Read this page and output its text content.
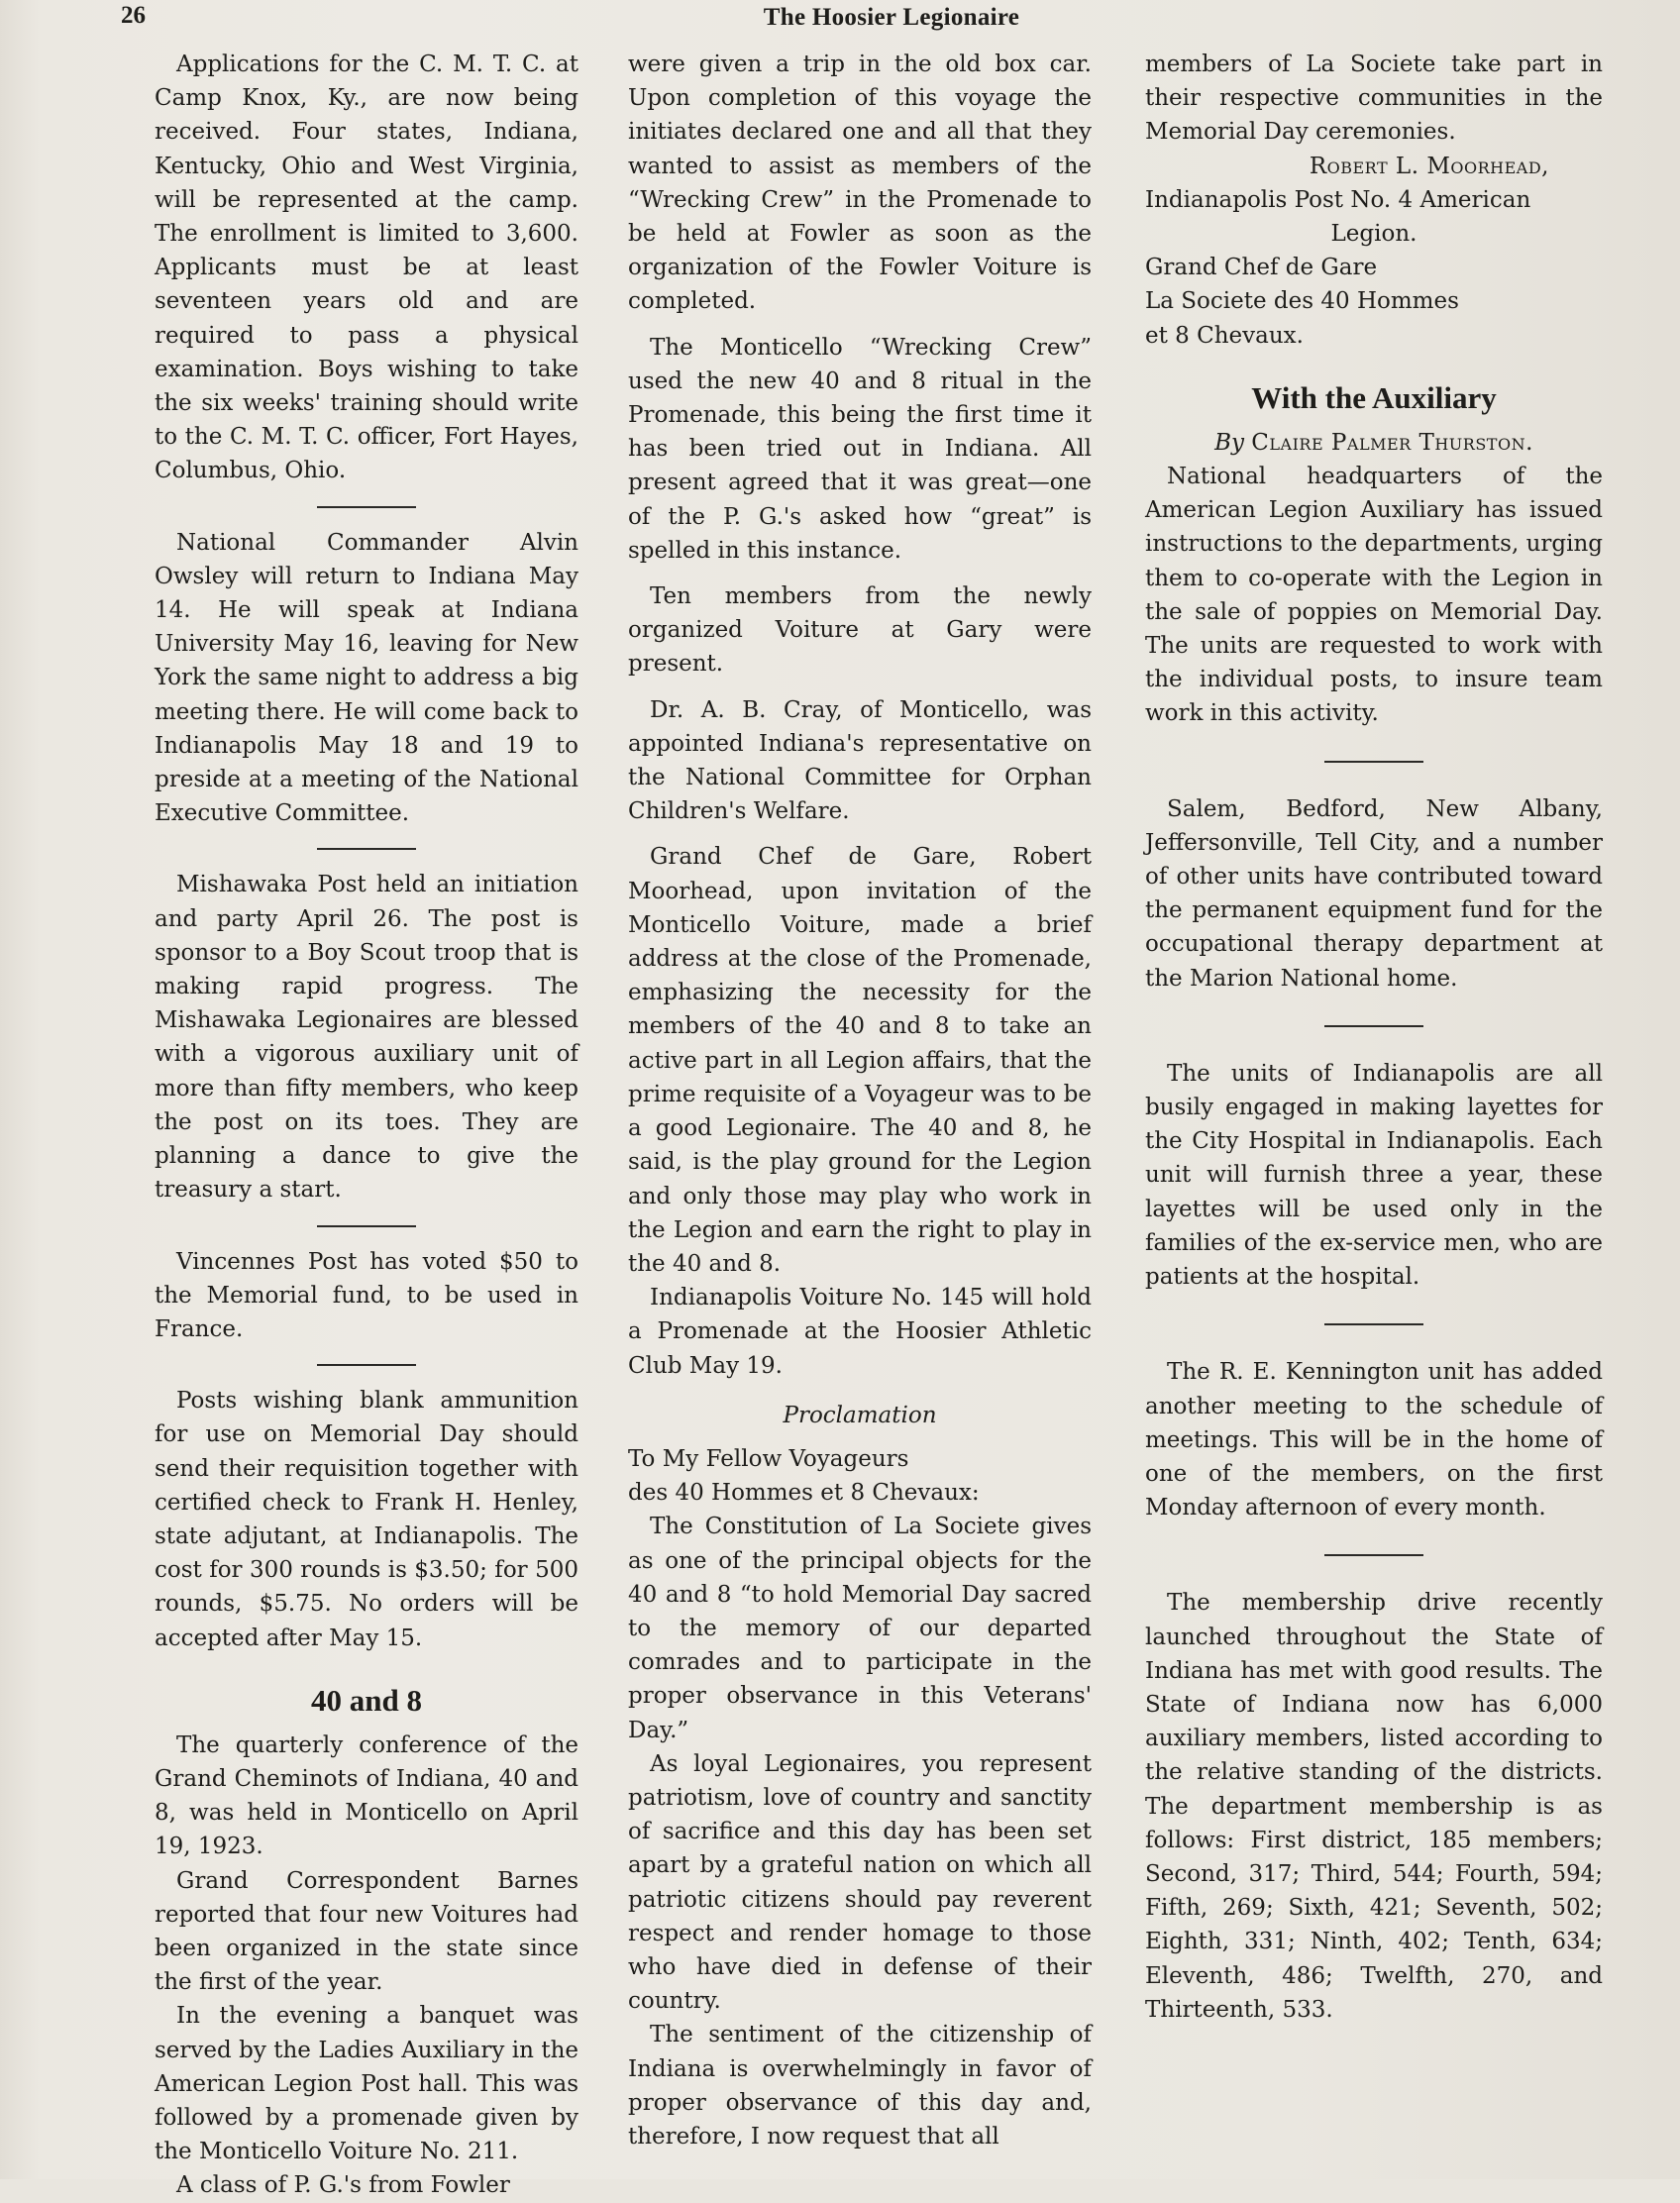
26	The Hoosier Legionaire

Applications for the C. M. T. C. at Camp Knox, Ky., are now being received. Four states, Indiana, Kentucky, Ohio and West Virginia, will be represented at the camp. The enrollment is limited to 3,600. Applicants must be at least seventeen years old and are required to pass a physical examination. Boys wishing to take the six weeks' training should write to the C. M. T. C. officer, Fort Hayes, Columbus, Ohio.

National Commander Alvin Owsley will return to Indiana May 14. He will speak at Indiana University May 16, leaving for New York the same night to address a big meeting there. He will come back to Indianapolis May 18 and 19 to preside at a meeting of the National Executive Committee.

Mishawaka Post held an initiation and party April 26. The post is sponsor to a Boy Scout troop that is making rapid progress. The Mishawaka Legionaires are blessed with a vigorous auxiliary unit of more than fifty members, who keep the post on its toes. They are planning a dance to give the treasury a start.

Vincennes Post has voted $50 to the Memorial fund, to be used in France.

Posts wishing blank ammunition for use on Memorial Day should send their requisition together with certified check to Frank H. Henley, state adjutant, at Indianapolis. The cost for 300 rounds is $3.50; for 500 rounds, $5.75. No orders will be accepted after May 15.

40 and 8

The quarterly conference of the Grand Cheminots of Indiana, 40 and 8, was held in Monticello on April 19, 1923.

Grand Correspondent Barnes reported that four new Voitures had been organized in the state since the first of the year.

In the evening a banquet was served by the Ladies Auxiliary in the American Legion Post hall. This was followed by a promenade given by the Monticello Voiture No. 211.

A class of P. G.'s from Fowler

were given a trip in the old box car. Upon completion of this voyage the initiates declared one and all that they wanted to assist as members of the “Wrecking Crew” in the Promenade to be held at Fowler as soon as the organization of the Fowler Voiture is completed.

The Monticello “Wrecking Crew” used the new 40 and 8 ritual in the Promenade, this being the first time it has been tried out in Indiana. All present agreed that it was great—one of the P. G.'s asked how “great” is spelled in this instance.

Ten members from the newly organized Voiture at Gary were present.

Dr. A. B. Cray, of Monticello, was appointed Indiana's representative on the National Committee for Orphan Children's Welfare.

Grand Chef de Gare, Robert Moorhead, upon invitation of the Monticello Voiture, made a brief address at the close of the Promenade, emphasizing the necessity for the members of the 40 and 8 to take an active part in all Legion affairs, that the prime requisite of a Voyageur was to be a good Legionaire. The 40 and 8, he said, is the play ground for the Legion and only those may play who work in the Legion and earn the right to play in the 40 and 8.

Indianapolis Voiture No. 145 will hold a Promenade at the Hoosier Athletic Club May 19.

Proclamation

To My Fellow Voyageurs

des 40 Hommes et 8 Chevaux:

The Constitution of La Societe gives as one of the principal objects for the 40 and 8 “to hold Memorial Day sacred to the memory of our departed comrades and to participate in the proper observance in this Veterans' Day.”

As loyal Legionaires, you represent patriotism, love of country and sanctity of sacrifice and this day has been set apart by a grateful nation on which all patriotic citizens should pay reverent respect and render homage to those who have died in defense of their country.

The sentiment of the citizenship of Indiana is overwhelmingly in favor of proper observance of this day and, therefore, I now request that all

members of La Societe take part in their respective communities in the Memorial Day ceremonies.

Robert L. Moorhead,

Indianapolis Post No. 4 American

Legion.

Grand Chef de Gare

La Societe des 40 Hommes

et 8 Chevaux.

With the Auxiliary

By Claire Palmer Thurston.

National headquarters of the American Legion Auxiliary has issued instructions to the departments, urging them to co-operate with the Legion in the sale of poppies on Memorial Day. The units are requested to work with the individual posts, to insure team work in this activity.

Salem, Bedford, New Albany, Jeffersonville, Tell City, and a number of other units have contributed toward the permanent equipment fund for the occupational therapy department at the Marion National home.

The units of Indianapolis are all busily engaged in making layettes for the City Hospital in Indianapolis. Each unit will furnish three a year, these layettes will be used only in the families of the ex-service men, who are patients at the hospital.

The R. E. Kennington unit has added another meeting to the schedule of meetings. This will be in the home of one of the members, on the first Monday afternoon of every month.

The membership drive recently launched throughout the State of Indiana has met with good results. The State of Indiana now has 6,000 auxiliary members, listed according to the relative standing of the districts. The department membership is as follows: First district, 185 members; Second, 317; Third, 544; Fourth, 594; Fifth, 269; Sixth, 421; Seventh, 502; Eighth, 331; Ninth, 402; Tenth, 634; Eleventh, 486; Twelfth, 270, and Thirteenth, 533.
